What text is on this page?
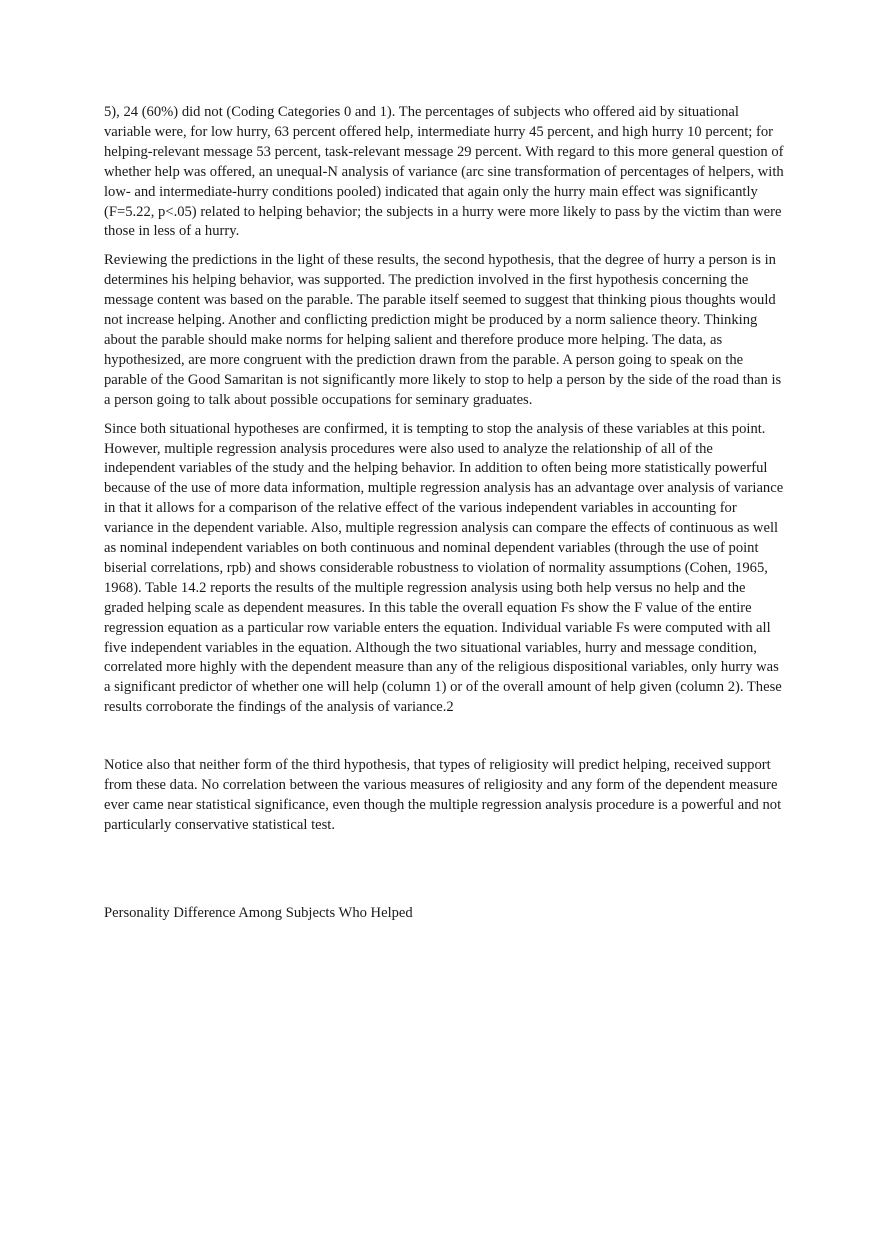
5), 24 (60%) did not (Coding Categories 0 and 1). The percentages of subjects who offered aid by situational variable were, for low hurry, 63 percent offered help, intermediate hurry 45 percent, and high hurry 10 percent; for helping-relevant message 53 percent, task-relevant message 29 percent. With regard to this more general question of whether help was offered, an unequal-N analysis of variance (arc sine transformation of percentages of helpers, with low- and intermediate-hurry conditions pooled) indicated that again only the hurry main effect was significantly (F=5.22, p<.05) related to helping behavior; the subjects in a hurry were more likely to pass by the victim than were those in less of a hurry.

Reviewing the predictions in the light of these results, the second hypothesis, that the degree of hurry a person is in determines his helping behavior, was supported. The prediction involved in the first hypothesis concerning the message content was based on the parable. The parable itself seemed to suggest that thinking pious thoughts would not increase helping. Another and conflicting prediction might be produced by a norm salience theory. Thinking about the parable should make norms for helping salient and therefore produce more helping. The data, as hypothesized, are more congruent with the prediction drawn from the parable. A person going to speak on the parable of the Good Samaritan is not significantly more likely to stop to help a person by the side of the road than is a person going to talk about possible occupations for seminary graduates.

Since both situational hypotheses are confirmed, it is tempting to stop the analysis of these variables at this point. However, multiple regression analysis procedures were also used to analyze the relationship of all of the independent variables of the study and the helping behavior. In addition to often being more statistically powerful because of the use of more data information, multiple regression analysis has an advantage over analysis of variance in that it allows for a comparison of the relative effect of the various independent variables in accounting for variance in the dependent variable. Also, multiple regression analysis can compare the effects of continuous as well as nominal independent variables on both continuous and nominal dependent variables (through the use of point biserial correlations, rpb) and shows considerable robustness to violation of normality assumptions (Cohen, 1965, 1968). Table 14.2 reports the results of the multiple regression analysis using both help versus no help and the graded helping scale as dependent measures. In this table the overall equation Fs show the F value of the entire regression equation as a particular row variable enters the equation. Individual variable Fs were computed with all five independent variables in the equation. Although the two situational variables, hurry and message condition, correlated more highly with the dependent measure than any of the religious dispositional variables, only hurry was a significant predictor of whether one will help (column 1) or of the overall amount of help given (column 2). These results corroborate the findings of the analysis of variance.2

Notice also that neither form of the third hypothesis, that types of religiosity will predict helping, received support from these data. No correlation between the various measures of religiosity and any form of the dependent measure ever came near statistical significance, even though the multiple regression analysis procedure is a powerful and not particularly conservative statistical test.

Personality Difference Among Subjects Who Helped
